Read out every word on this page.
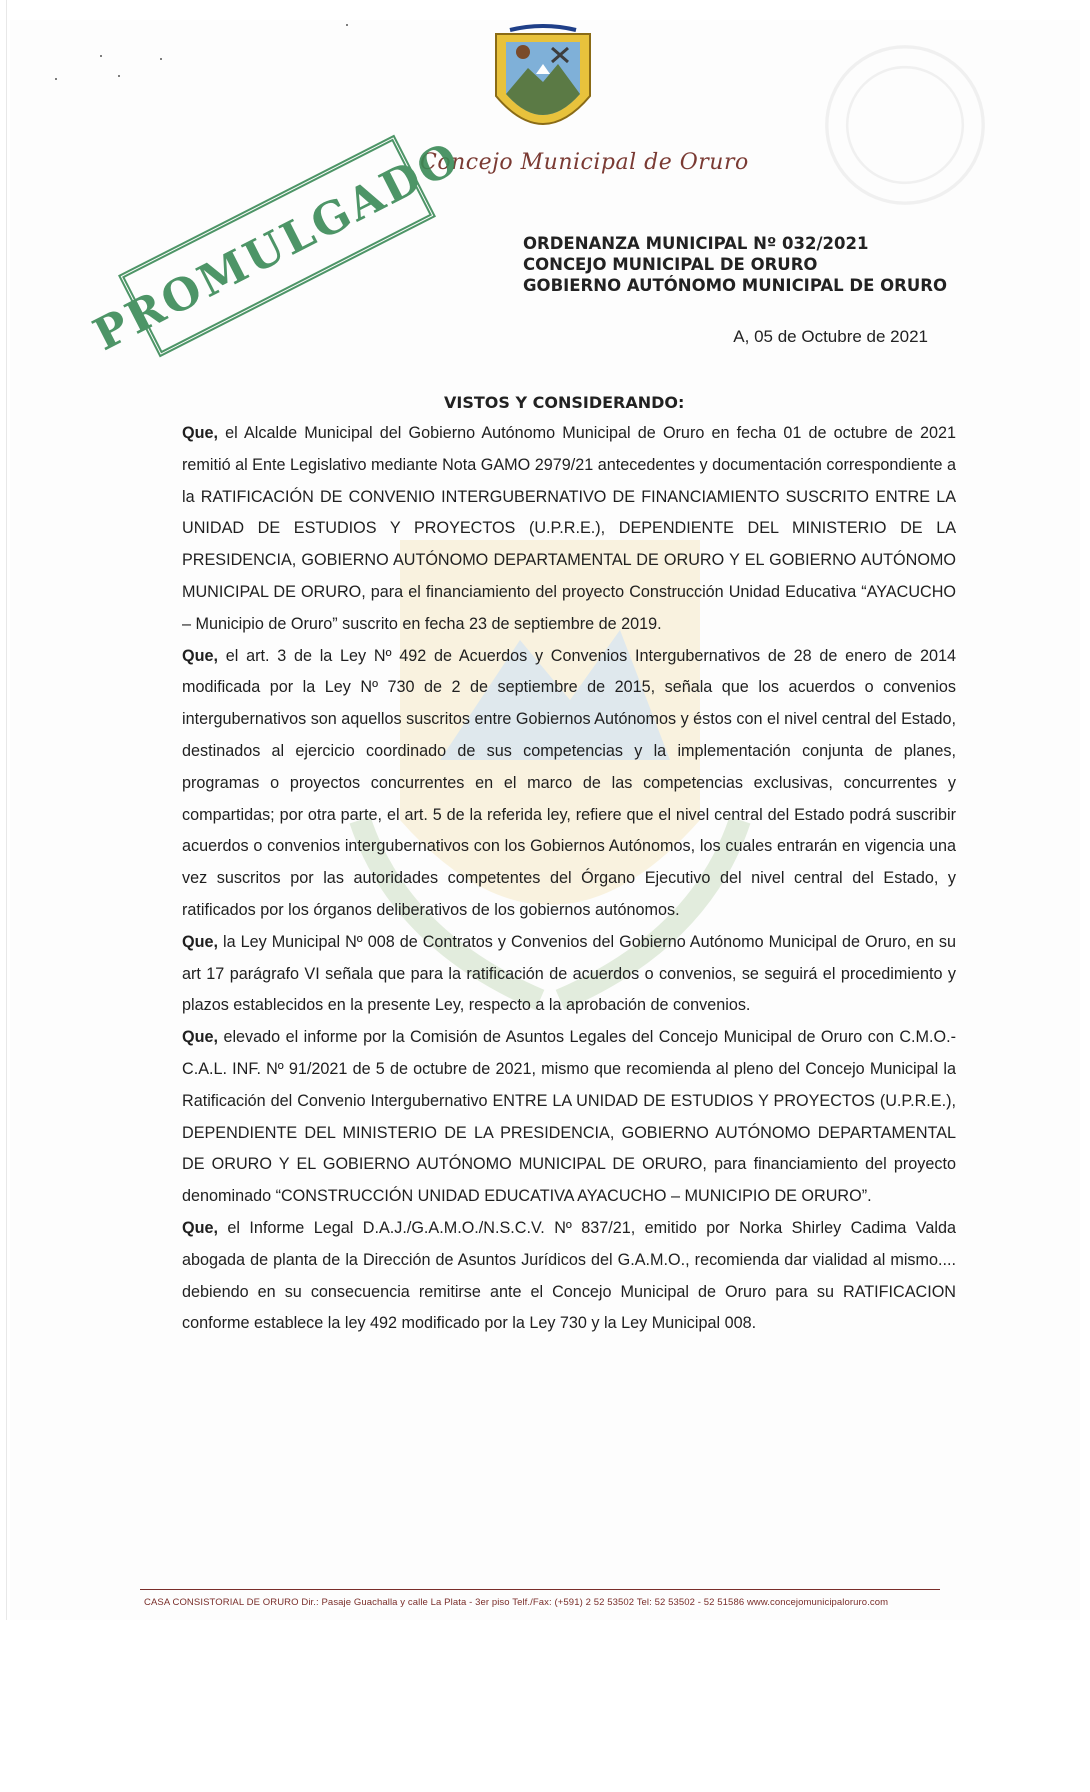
Concejo Municipal de Oruro
PROMULGADO	ORDENANZA MUNICIPAL Nº 032/2021
CONCEJO MUNICIPAL DE ORURO
GOBIERNO AUTÓNOMO MUNICIPAL DE ORURO
A, 05 de Octubre de 2021
VISTOS Y CONSIDERANDO:

Que, el Alcalde Municipal del Gobierno Autónomo Municipal de Oruro en fecha 01 de octubre de 2021 remitió al Ente Legislativo mediante Nota GAMO 2979/21 antecedentes y documentación correspondiente a la RATIFICACIÓN DE CONVENIO INTERGUBERNATIVO DE FINANCIAMIENTO SUSCRITO ENTRE LA UNIDAD DE ESTUDIOS Y PROYECTOS (U.P.R.E.), DEPENDIENTE DEL MINISTERIO DE LA PRESIDENCIA, GOBIERNO AUTÓNOMO DEPARTAMENTAL DE ORURO Y EL GOBIERNO AUTÓNOMO MUNICIPAL DE ORURO, para el financiamiento del proyecto Construcción Unidad Educativa “AYACUCHO – Municipio de Oruro” suscrito en fecha 23 de septiembre de 2019.

Que, el art. 3 de la Ley Nº 492 de Acuerdos y Convenios Intergubernativos de 28 de enero de 2014 modificada por la Ley Nº 730 de 2 de septiembre de 2015, señala que los acuerdos o convenios intergubernativos son aquellos suscritos entre Gobiernos Autónomos y éstos con el nivel central del Estado, destinados al ejercicio coordinado de sus competencias y la implementación conjunta de planes, programas o proyectos concurrentes en el marco de las competencias exclusivas, concurrentes y compartidas; por otra parte, el art. 5 de la referida ley, refiere que el nivel central del Estado podrá suscribir acuerdos o convenios intergubernativos con los Gobiernos Autónomos, los cuales entrarán en vigencia una vez suscritos por las autoridades competentes del Órgano Ejecutivo del nivel central del Estado, y ratificados por los órganos deliberativos de los gobiernos autónomos.

Que, la Ley Municipal Nº 008 de Contratos y Convenios del Gobierno Autónomo Municipal de Oruro, en su art 17 parágrafo VI señala que para la ratificación de acuerdos o convenios, se seguirá el procedimiento y plazos establecidos en la presente Ley, respecto a la aprobación de convenios.

Que, elevado el informe por la Comisión de Asuntos Legales del Concejo Municipal de Oruro con C.M.O.- C.A.L. INF. Nº 91/2021 de 5 de octubre de 2021, mismo que recomienda al pleno del Concejo Municipal la Ratificación del Convenio Intergubernativo ENTRE LA UNIDAD DE ESTUDIOS Y PROYECTOS (U.P.R.E.), DEPENDIENTE DEL MINISTERIO DE LA PRESIDENCIA, GOBIERNO AUTÓNOMO DEPARTAMENTAL DE ORURO Y EL GOBIERNO AUTÓNOMO MUNICIPAL DE ORURO, para financiamiento del proyecto denominado “CONSTRUCCIÓN UNIDAD EDUCATIVA AYACUCHO – MUNICIPIO DE ORURO”.

Que, el Informe Legal D.A.J./G.A.M.O./N.S.C.V. Nº 837/21, emitido por Norka Shirley Cadima Valda abogada de planta de la Dirección de Asuntos Jurídicos del G.A.M.O., recomienda dar vialidad al mismo.... debiendo en su consecuencia remitirse ante el Concejo Municipal de Oruro para su RATIFICACION conforme establece la ley 492 modificado por la Ley 730 y la Ley Municipal 008.

CASA CONSISTORIAL DE ORURO Dir.: Pasaje Guachalla y calle La Plata - 3er piso Telf./Fax: (+591) 2 52 53502 Tel: 52 53502 - 52 51586 www.concejomunicipaloruro.com
